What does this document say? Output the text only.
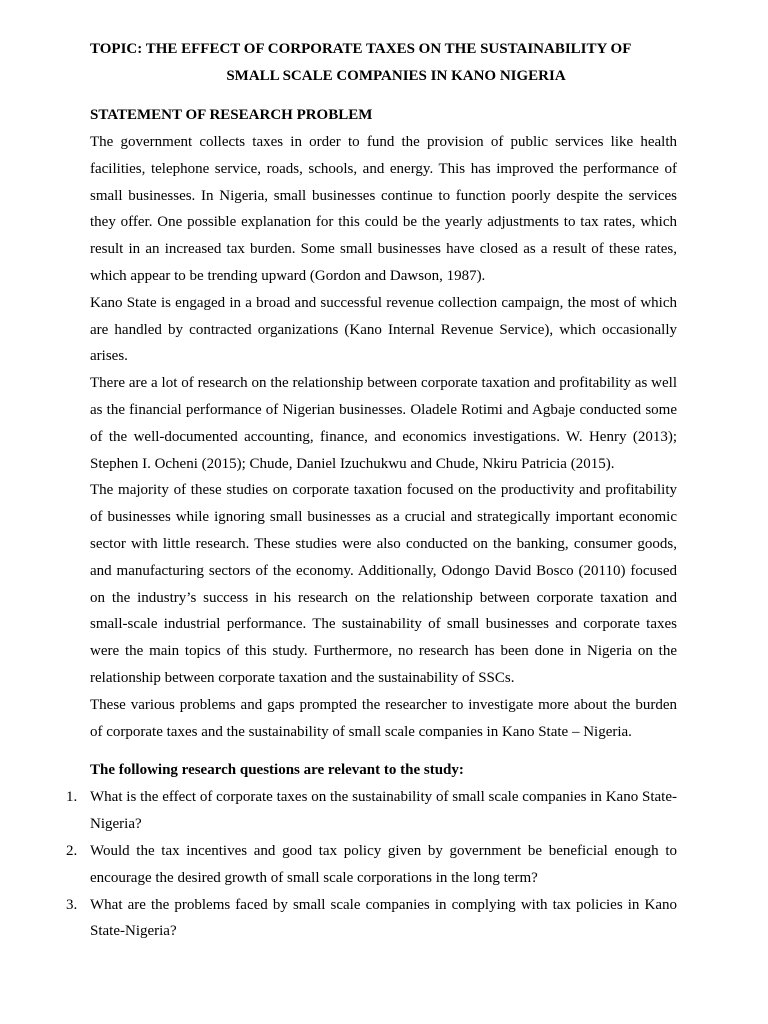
TOPIC: THE EFFECT OF CORPORATE TAXES ON THE SUSTAINABILITY OF
SMALL SCALE COMPANIES IN KANO NIGERIA
STATEMENT OF RESEARCH PROBLEM

The government collects taxes in order to fund the provision of public services like health facilities, telephone service, roads, schools, and energy. This has improved the performance of small businesses. In Nigeria, small businesses continue to function poorly despite the services they offer. One possible explanation for this could be the yearly adjustments to tax rates, which result in an increased tax burden. Some small businesses have closed as a result of these rates, which appear to be trending upward (Gordon and Dawson, 1987).

Kano State is engaged in a broad and successful revenue collection campaign, the most of which are handled by contracted organizations (Kano Internal Revenue Service), which occasionally arises.

There are a lot of research on the relationship between corporate taxation and profitability as well as the financial performance of Nigerian businesses. Oladele Rotimi and Agbaje conducted some of the well-documented accounting, finance, and economics investigations. W. Henry (2013); Stephen I. Ocheni (2015); Chude, Daniel Izuchukwu and Chude, Nkiru Patricia (2015).

The majority of these studies on corporate taxation focused on the productivity and profitability of businesses while ignoring small businesses as a crucial and strategically important economic sector with little research. These studies were also conducted on the banking, consumer goods, and manufacturing sectors of the economy. Additionally, Odongo David Bosco (20110) focused on the industry’s success in his research on the relationship between corporate taxation and small-scale industrial performance. The sustainability of small businesses and corporate taxes were the main topics of this study. Furthermore, no research has been done in Nigeria on the relationship between corporate taxation and the sustainability of SSCs.

These various problems and gaps prompted the researcher to investigate more about the burden of corporate taxes and the sustainability of small scale companies in Kano State – Nigeria.

The following research questions are relevant to the study:
1. What is the effect of corporate taxes on the sustainability of small scale companies in Kano State-Nigeria?
2. Would the tax incentives and good tax policy given by government be beneficial enough to encourage the desired growth of small scale corporations in the long term?
3. What are the problems faced by small scale companies in complying with tax policies in Kano State-Nigeria?
